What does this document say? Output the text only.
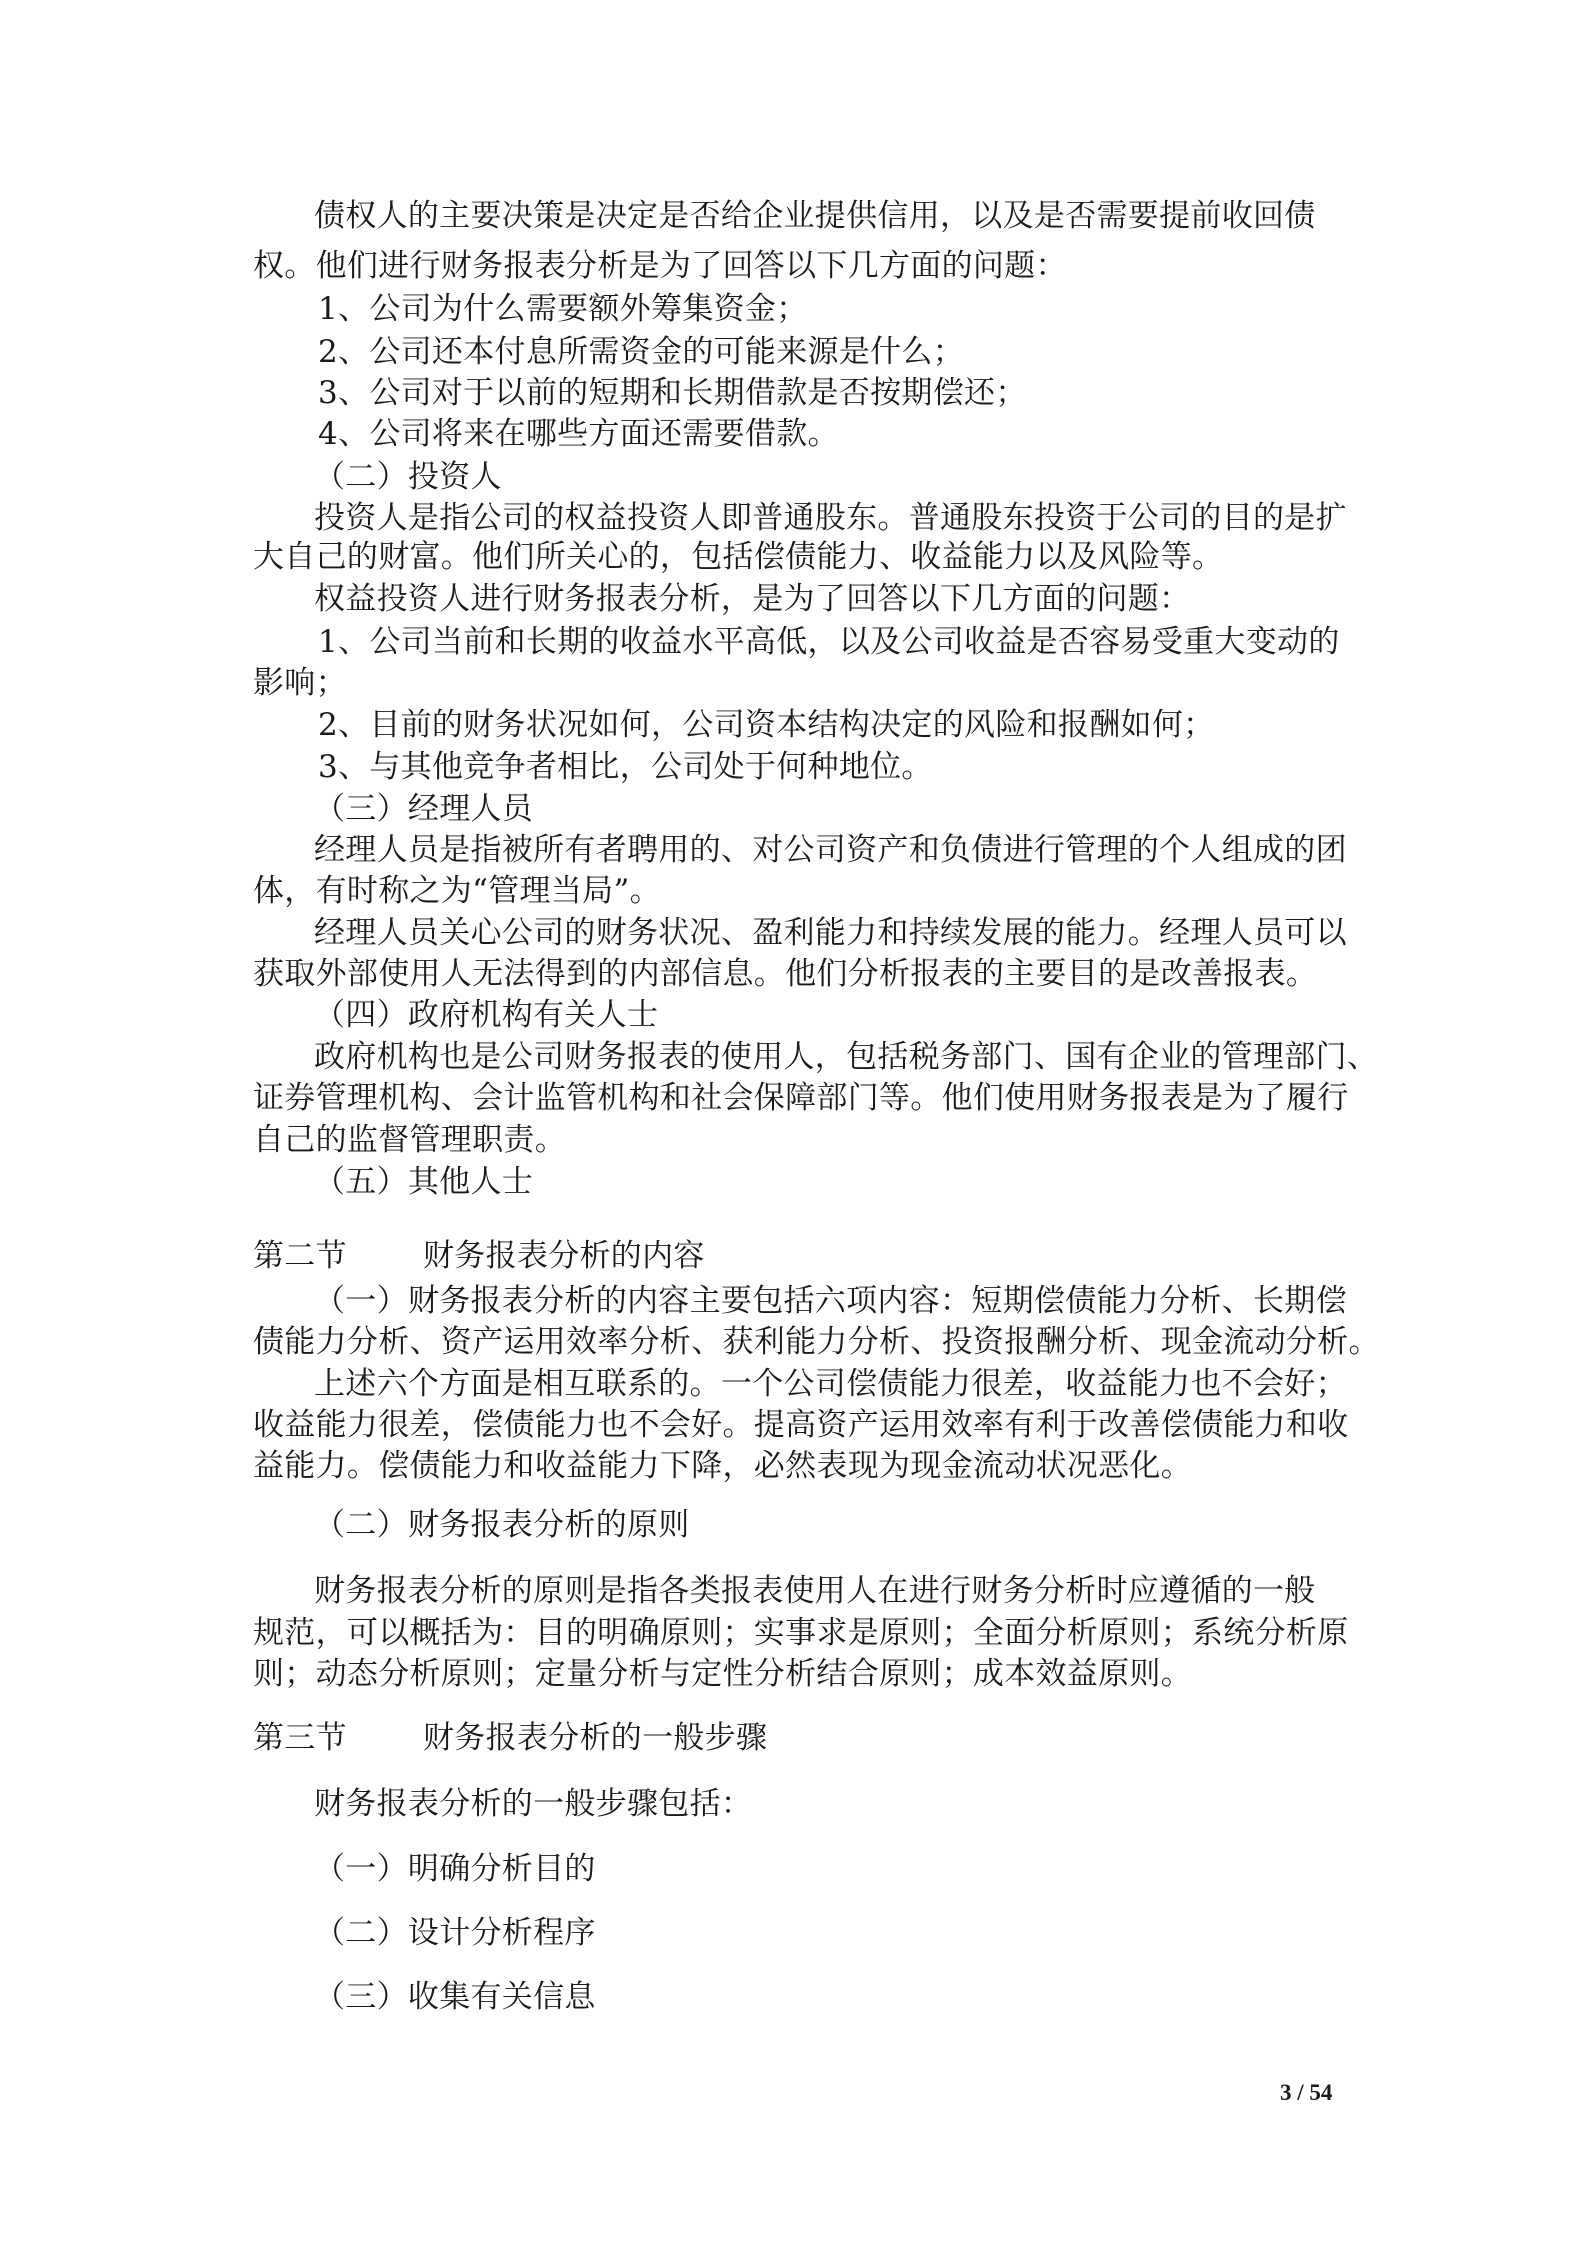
债权人的主要决策是决定是否给企业提供信用，以及是否需要提前收回债
权。他们进行财务报表分析是为了回答以下几方面的问题：
1、公司为什么需要额外筹集资金；
2、公司还本付息所需资金的可能来源是什么；
3、公司对于以前的短期和长期借款是否按期偿还；
4、公司将来在哪些方面还需要借款。
（二）投资人
投资人是指公司的权益投资人即普通股东。普通股东投资于公司的目的是扩
大自己的财富。他们所关心的，包括偿债能力、收益能力以及风险等。
权益投资人进行财务报表分析，是为了回答以下几方面的问题：
1、公司当前和长期的收益水平高低，以及公司收益是否容易受重大变动的
影响；
2、目前的财务状况如何，公司资本结构决定的风险和报酬如何；
3、与其他竞争者相比，公司处于何种地位。
（三）经理人员
经理人员是指被所有者聘用的、对公司资产和负债进行管理的个人组成的团
体，有时称之为“管理当局”。
经理人员关心公司的财务状况、盈利能力和持续发展的能力。经理人员可以
获取外部使用人无法得到的内部信息。他们分析报表的主要目的是改善报表。
（四）政府机构有关人士
政府机构也是公司财务报表的使用人，包括税务部门、国有企业的管理部门、
证券管理机构、会计监管机构和社会保障部门等。他们使用财务报表是为了履行
自己的监督管理职责。
（五）其他人士
第二节 财务报表分析的内容
（一）财务报表分析的内容主要包括六项内容：短期偿债能力分析、长期偿
债能力分析、资产运用效率分析、获利能力分析、投资报酬分析、现金流动分析。
上述六个方面是相互联系的。一个公司偿债能力很差，收益能力也不会好；
收益能力很差，偿债能力也不会好。提高资产运用效率有利于改善偿债能力和收
益能力。偿债能力和收益能力下降，必然表现为现金流动状况恶化。
（二）财务报表分析的原则
财务报表分析的原则是指各类报表使用人在进行财务分析时应遵循的一般
规范，可以概括为：目的明确原则；实事求是原则；全面分析原则；系统分析原
则；动态分析原则；定量分析与定性分析结合原则；成本效益原则。
第三节 财务报表分析的一般步骤
财务报表分析的一般步骤包括：
（一）明确分析目的
（二）设计分析程序
（三）收集有关信息
3 / 54
